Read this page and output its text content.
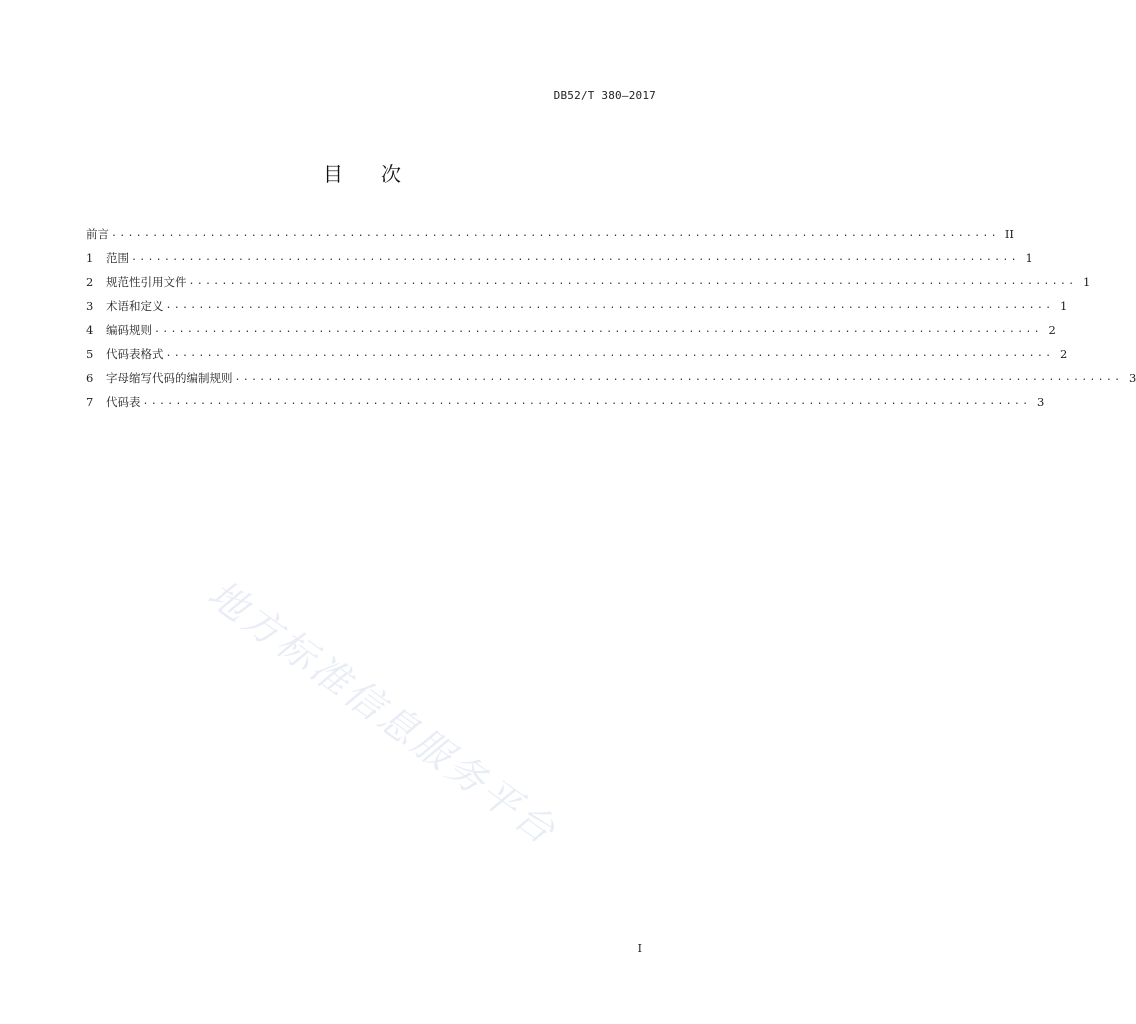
DB52/T 380—2017
目 次
前言 ............................................................................................................ II
1	范围 ............................................................................................................ 1
2	规范性引用文件 ............................................................................................................ 1
3	术语和定义 ............................................................................................................ 1
4	编码规则 ............................................................................................................ 2
5	代码表格式 ............................................................................................................ 2
6	字母缩写代码的编制规则 ............................................................................................................ 3
7	代码表 ............................................................................................................ 3
地方标准信息服务平台
I
